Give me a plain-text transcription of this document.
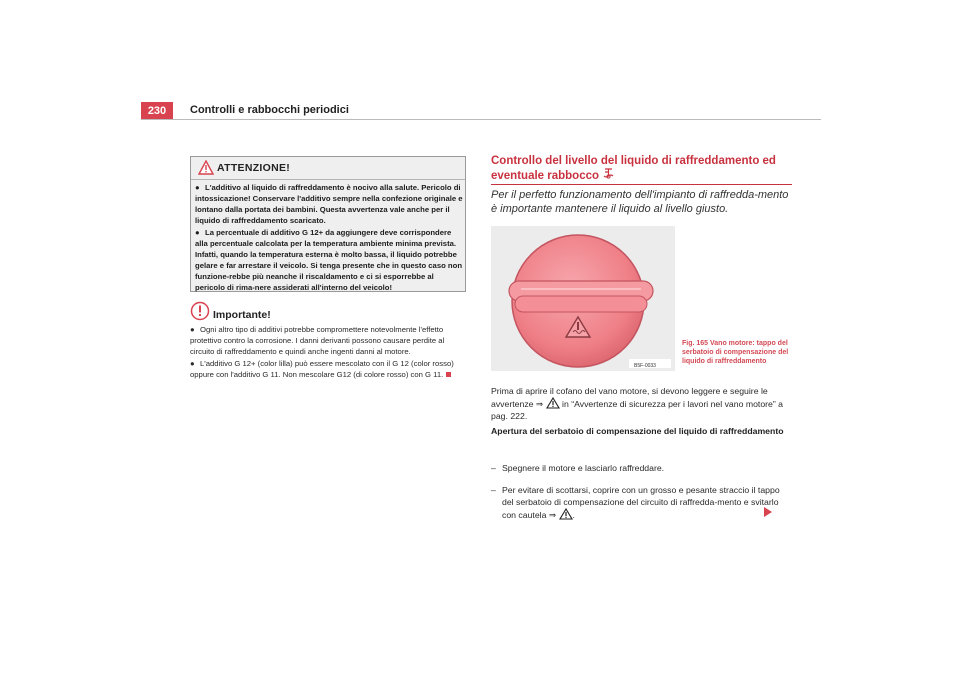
230	Controlli e rabbocchi periodici
ATTENZIONE!
● L'additivo al liquido di raffreddamento è nocivo alla salute. Pericolo di intossicazione! Conservare l'additivo sempre nella confezione originale e lontano dalla portata dei bambini. Questa avvertenza vale anche per il liquido di raffreddamento scaricato.
● La percentuale di additivo G 12+ da aggiungere deve corrispondere alla percentuale calcolata per la temperatura ambiente minima prevista. Infatti, quando la temperatura esterna è molto bassa, il liquido potrebbe gelare e far arrestare il veicolo. Si tenga presente che in questo caso non funzione-rebbe più neanche il riscaldamento e ci si esporrebbe al pericolo di rima-nere assiderati all'interno del veicolo!
Importante!
● Ogni altro tipo di additivi potrebbe compromettere notevolmente l'effetto protettivo contro la corrosione. I danni derivanti possono causare perdite al circuito di raffreddamento e quindi anche ingenti danni al motore.
● L'additivo G 12+ (color lilla) può essere mescolato con il G 12 (color rosso) oppure con l'additivo G 11. Non mescolare G12 (di colore rosso) con G 11.
Controllo del livello del liquido di raffreddamento ed eventuale rabbocco
Per il perfetto funzionamento dell'impianto di raffredda-mento è importante mantenere il liquido al livello giusto.
B5F-0033
Fig. 165 Vano motore: tappo del serbatoio di compensazione del liquido di raffreddamento
Prima di aprire il cofano del vano motore, si devono leggere e seguire le avvertenze ⇒  in “Avvertenze di sicurezza per i lavori nel vano motore” a pag. 222.
Apertura del serbatoio di compensazione del liquido di raffreddamento
– Spegnere il motore e lasciarlo raffreddare.
– Per evitare di scottarsi, coprire con un grosso e pesante straccio il tappo del serbatoio di compensazione del circuito di raffredda-mento e svitarlo con cautela ⇒ .
